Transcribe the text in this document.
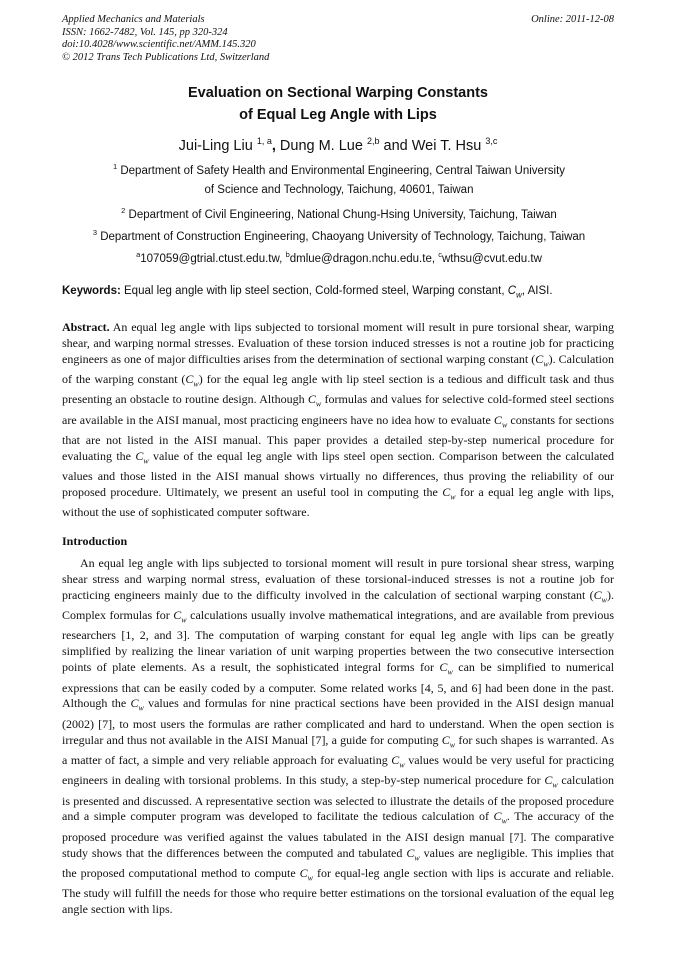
Applied Mechanics and Materials
ISSN: 1662-7482, Vol. 145, pp 320-324
doi:10.4028/www.scientific.net/AMM.145.320
© 2012 Trans Tech Publications Ltd, Switzerland
Online: 2011-12-08
Evaluation on Sectional Warping Constants
of Equal Leg Angle with Lips
Jui-Ling Liu $^{1, a}$, Dung M. Lue $^{2,b}$ and Wei T. Hsu $^{3,c}$
$^1$ Department of Safety Health and Environmental Engineering, Central Taiwan University
of Science and Technology, Taichung, 40601, Taiwan
$^2$ Department of Civil Engineering, National Chung-Hsing University, Taichung, Taiwan
$^3$ Department of Construction Engineering, Chaoyang University of Technology, Taichung, Taiwan
$^a$107059@gtrial.ctust.edu.tw, $^b$dmlue@dragon.nchu.edu.te, $^c$wthsu@cvut.edu.tw
Keywords: Equal leg angle with lip steel section, Cold-formed steel, Warping constant, $C_w$, AISI.
Abstract. An equal leg angle with lips subjected to torsional moment will result in pure torsional shear, warping shear, and warping normal stresses. Evaluation of these torsion induced stresses is not a routine job for practicing engineers as one of major difficulties arises from the determination of sectional warping constant $(C_w)$. Calculation of the warping constant $(C_w)$ for the equal leg angle with lip steel section is a tedious and difficult task and thus presenting an obstacle to routine design. Although $C_w$ formulas and values for selective cold-formed steel sections are available in the AISI manual, most practicing engineers have no idea how to evaluate $C_w$ constants for sections that are not listed in the AISI manual. This paper provides a detailed step-by-step numerical procedure for evaluating the $C_w$ value of the equal leg angle with lips steel open section. Comparison between the calculated values and those listed in the AISI manual shows virtually no differences, thus proving the reliability of our proposed procedure. Ultimately, we present an useful tool in computing the $C_w$ for a equal leg angle with lips, without the use of sophisticated computer software.
Introduction
An equal leg angle with lips subjected to torsional moment will result in pure torsional shear stress, warping shear stress and warping normal stress, evaluation of these torsional-induced stresses is not a routine job for practicing engineers mainly due to the difficulty involved in the calculation of sectional warping constant $(C_w)$. Complex formulas for $C_w$ calculations usually involve mathematical integrations, and are available from previous researchers [1, 2, and 3]. The computation of warping constant for equal leg angle with lips can be greatly simplified by realizing the linear variation of unit warping properties between the two consecutive intersection points of plate elements. As a result, the sophisticated integral forms for $C_w$ can be simplified to numerical expressions that can be easily coded by a computer. Some related works [4, 5, and 6] had been done in the past. Although the $C_w$ values and formulas for nine practical sections have been provided in the AISI design manual (2002) [7], to most users the formulas are rather complicated and hard to understand. When the open section is irregular and thus not available in the AISI Manual [7], a guide for computing $C_w$ for such shapes is warranted. As a matter of fact, a simple and very reliable approach for evaluating $C_w$ values would be very useful for practicing engineers in dealing with torsional problems. In this study, a step-by-step numerical procedure for $C_w$ calculation is presented and discussed. A representative section was selected to illustrate the details of the proposed procedure and a simple computer program was developed to facilitate the tedious calculation of $C_w$. The accuracy of the proposed procedure was verified against the values tabulated in the AISI design manual [7]. The comparative study shows that the differences between the computed and tabulated $C_w$ values are negligible. This implies that the proposed computational method to compute $C_w$ for equal-leg angle section with lips is accurate and reliable. The study will fulfill the needs for those who require better estimations on the torsional evaluation of the equal leg angle section with lips.
